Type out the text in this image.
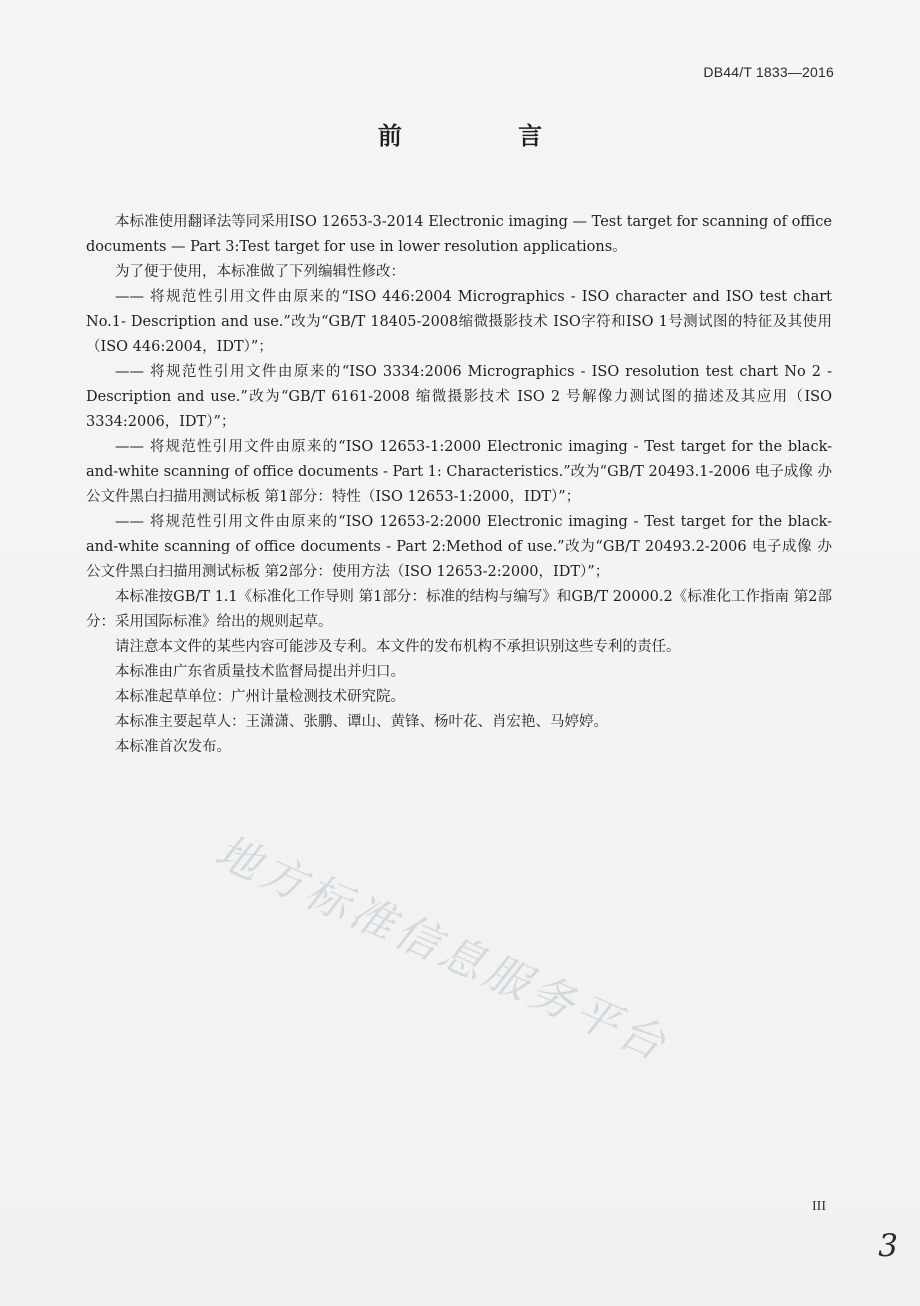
DB44/T 1833—2016
前 言

本标准使用翻译法等同采用ISO 12653-3-2014 Electronic imaging — Test target for scanning of office documents — Part 3:Test target for use in lower resolution applications。

为了便于使用，本标准做了下列编辑性修改：

—— 将规范性引用文件由原来的“ISO 446:2004 Micrographics - ISO character and ISO test chart No.1- Description and use.”改为“GB/T 18405-2008缩微摄影技术 ISO字符和ISO 1号测试图的特征及其使用（ISO 446:2004，IDT）”；

—— 将规范性引用文件由原来的“ISO 3334:2006 Micrographics - ISO resolution test chart No 2 - Description and use.”改为“GB/T 6161-2008 缩微摄影技术 ISO 2 号解像力测试图的描述及其应用（ISO 3334:2006，IDT）”；

—— 将规范性引用文件由原来的“ISO 12653-1:2000 Electronic imaging - Test target for the black-and-white scanning of office documents - Part 1: Characteristics.”改为“GB/T 20493.1-2006 电子成像 办公文件黑白扫描用测试标板 第1部分：特性（ISO 12653-1:2000，IDT）”；

—— 将规范性引用文件由原来的“ISO 12653-2:2000 Electronic imaging - Test target for the black-and-white scanning of office documents - Part 2:Method of use.”改为“GB/T 20493.2-2006 电子成像 办公文件黑白扫描用测试标板 第2部分：使用方法（ISO 12653-2:2000，IDT）”；

本标准按GB/T 1.1《标准化工作导则 第1部分：标准的结构与编写》和GB/T 20000.2《标准化工作指南 第2部分：采用国际标准》给出的规则起草。

请注意本文件的某些内容可能涉及专利。本文件的发布机构不承担识别这些专利的责任。

本标准由广东省质量技术监督局提出并归口。

本标准起草单位：广州计量检测技术研究院。

本标准主要起草人：王潇潇、张鹏、谭山、黄锋、杨叶花、肖宏艳、马婷婷。

本标准首次发布。

地方标准信息服务平台
III
3
